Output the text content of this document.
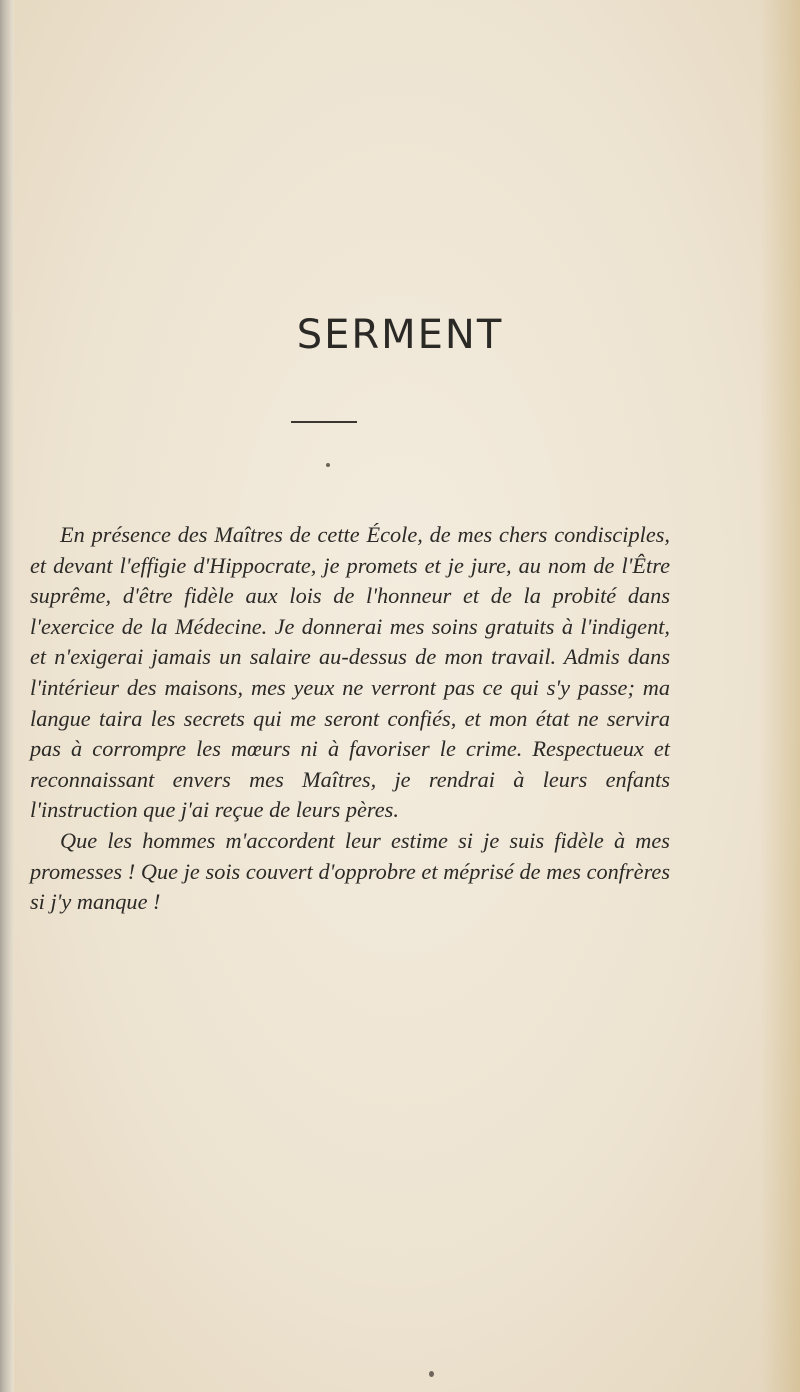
SERMENT

En présence des Maîtres de cette École, de mes chers condisciples, et devant l'effigie d'Hippocrate, je promets et je jure, au nom de l'Être suprême, d'être fidèle aux lois de l'honneur et de la probité dans l'exercice de la Médecine. Je donnerai mes soins gratuits à l'indigent, et n'exigerai jamais un salaire au-dessus de mon travail. Admis dans l'intérieur des maisons, mes yeux ne verront pas ce qui s'y passe; ma langue taira les secrets qui me seront confiés, et mon état ne servira pas à corrompre les mœurs ni à favoriser le crime. Respectueux et reconnaissant envers mes Maîtres, je rendrai à leurs enfants l'instruction que j'ai reçue de leurs pères.

Que les hommes m'accordent leur estime si je suis fidèle à mes promesses ! Que je sois couvert d'opprobre et méprisé de mes confrères si j'y manque !
